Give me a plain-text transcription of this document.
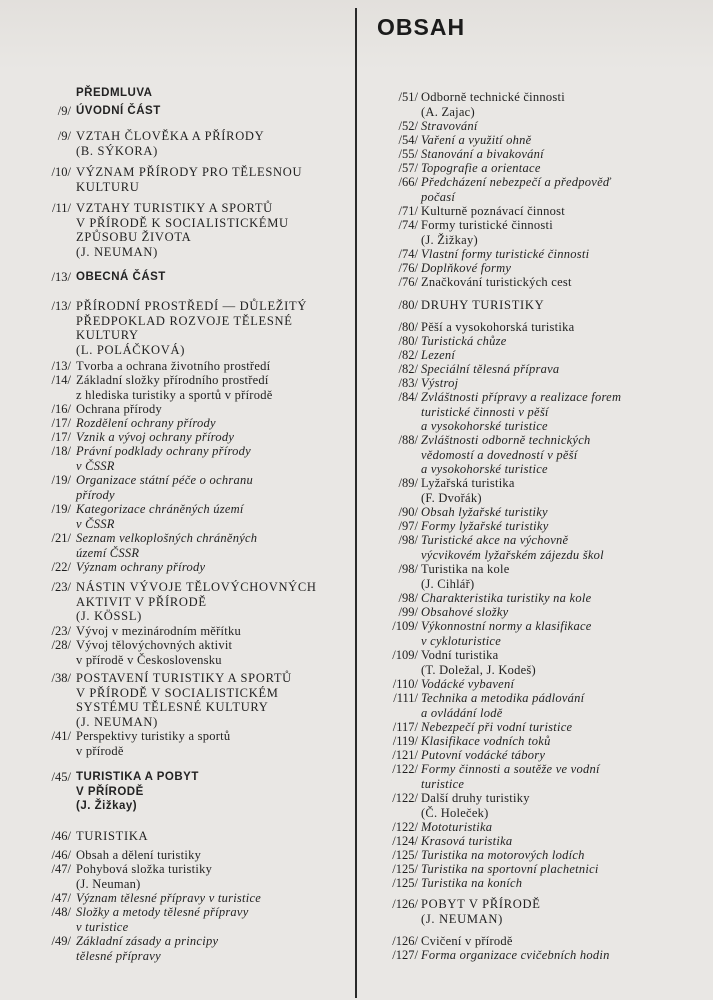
OBSAH
PŘEDMLUVA
/9/ ÚVODNÍ ČÁST
/9/ VZTAH ČLOVĚKA A PŘÍRODY
(B. SÝKORA)
/10/ VÝZNAM PŘÍRODY PRO TĚLESNOU
KULTURU
/11/ VZTAHY TURISTIKY A SPORTŮ
V PŘÍRODĚ K SOCIALISTICKÉMU
ZPŮSOBU ŽIVOTA
(J. NEUMAN)
/13/ OBECNÁ ČÁST
/13/ PŘÍRODNÍ PROSTŘEDÍ — DŮLEŽITÝ
PŘEDPOKLAD ROZVOJE TĚLESNÉ
KULTURY
(L. POLÁČKOVÁ)
/13/ Tvorba a ochrana životního prostředí
/14/ Základní složky přírodního prostředí
z hlediska turistiky a sportů v přírodě
/16/ Ochrana přírody
/17/ Rozdělení ochrany přírody
/17/ Vznik a vývoj ochrany přírody
/18/ Právní podklady ochrany přírody
v ČSSR
/19/ Organizace státní péče o ochranu
přírody
/19/ Kategorizace chráněných území
v ČSSR
/21/ Seznam velkoplošných chráněných
území ČSSR
/22/ Význam ochrany přírody
/23/ NÁSTIN VÝVOJE TĚLOVÝCHOVNÝCH
AKTIVIT V PŘÍRODĚ
(J. KÖSSL)
/23/ Vývoj v mezinárodním měřítku
/28/ Vývoj tělovýchovných aktivit
v přírodě v Československu
/38/ POSTAVENÍ TURISTIKY A SPORTŮ
V PŘÍRODĚ V SOCIALISTICKÉM
SYSTÉMU TĚLESNÉ KULTURY
(J. NEUMAN)
/41/ Perspektivy turistiky a sportů
v přírodě
/45/ TURISTIKA A POBYT
V PŘÍRODĚ
(J. Žižkay)
/46/ TURISTIKA
/46/ Obsah a dělení turistiky
/47/ Pohybová složka turistiky
(J. Neuman)
/47/ Význam tělesné přípravy v turistice
/48/ Složky a metody tělesné přípravy
v turistice
/49/ Základní zásady a principy
tělesné přípravy
/51/ Odborně technické činnosti
(A. Zajac)
/52/ Stravování
/54/ Vaření a využití ohně
/55/ Stanování a bivakování
/57/ Topografie a orientace
/66/ Předcházení nebezpečí a předpověď
počasí
/71/ Kulturně poznávací činnost
/74/ Formy turistické činnosti
(J. Žižkay)
/74/ Vlastní formy turistické činnosti
/76/ Doplňkové formy
/76/ Značkování turistických cest
/80/ DRUHY TURISTIKY
/80/ Pěší a vysokohorská turistika
/80/ Turistická chůze
/82/ Lezení
/82/ Speciální tělesná příprava
/83/ Výstroj
/84/ Zvláštnosti přípravy a realizace forem
turistické činnosti v pěší
a vysokohorské turistice
/88/ Zvláštnosti odborně technických
vědomostí a dovedností v pěší
a vysokohorské turistice
/89/ Lyžařská turistika
(F. Dvořák)
/90/ Obsah lyžařské turistiky
/97/ Formy lyžařské turistiky
/98/ Turistické akce na výchovně
výcvikovém lyžařském zájezdu škol
/98/ Turistika na kole
(J. Cihlář)
/98/ Charakteristika turistiky na kole
/99/ Obsahové složky
/109/ Výkonnostní normy a klasifikace
v cykloturistice
/109/ Vodní turistika
(T. Doležal, J. Kodeš)
/110/ Vodácké vybavení
/111/ Technika a metodika pádlování
a ovládání lodě
/117/ Nebezpečí při vodní turistice
/119/ Klasifikace vodních toků
/121/ Putovní vodácké tábory
/122/ Formy činnosti a soutěže ve vodní
turistice
/122/ Další druhy turistiky
(Č. Holeček)
/122/ Mototuristika
/124/ Krasová turistika
/125/ Turistika na motorových lodích
/125/ Turistika na sportovní plachetnici
/125/ Turistika na koních
/126/ POBYT V PŘÍRODĚ
(J. NEUMAN)
/126/ Cvičení v přírodě
/127/ Forma organizace cvičebních hodin
